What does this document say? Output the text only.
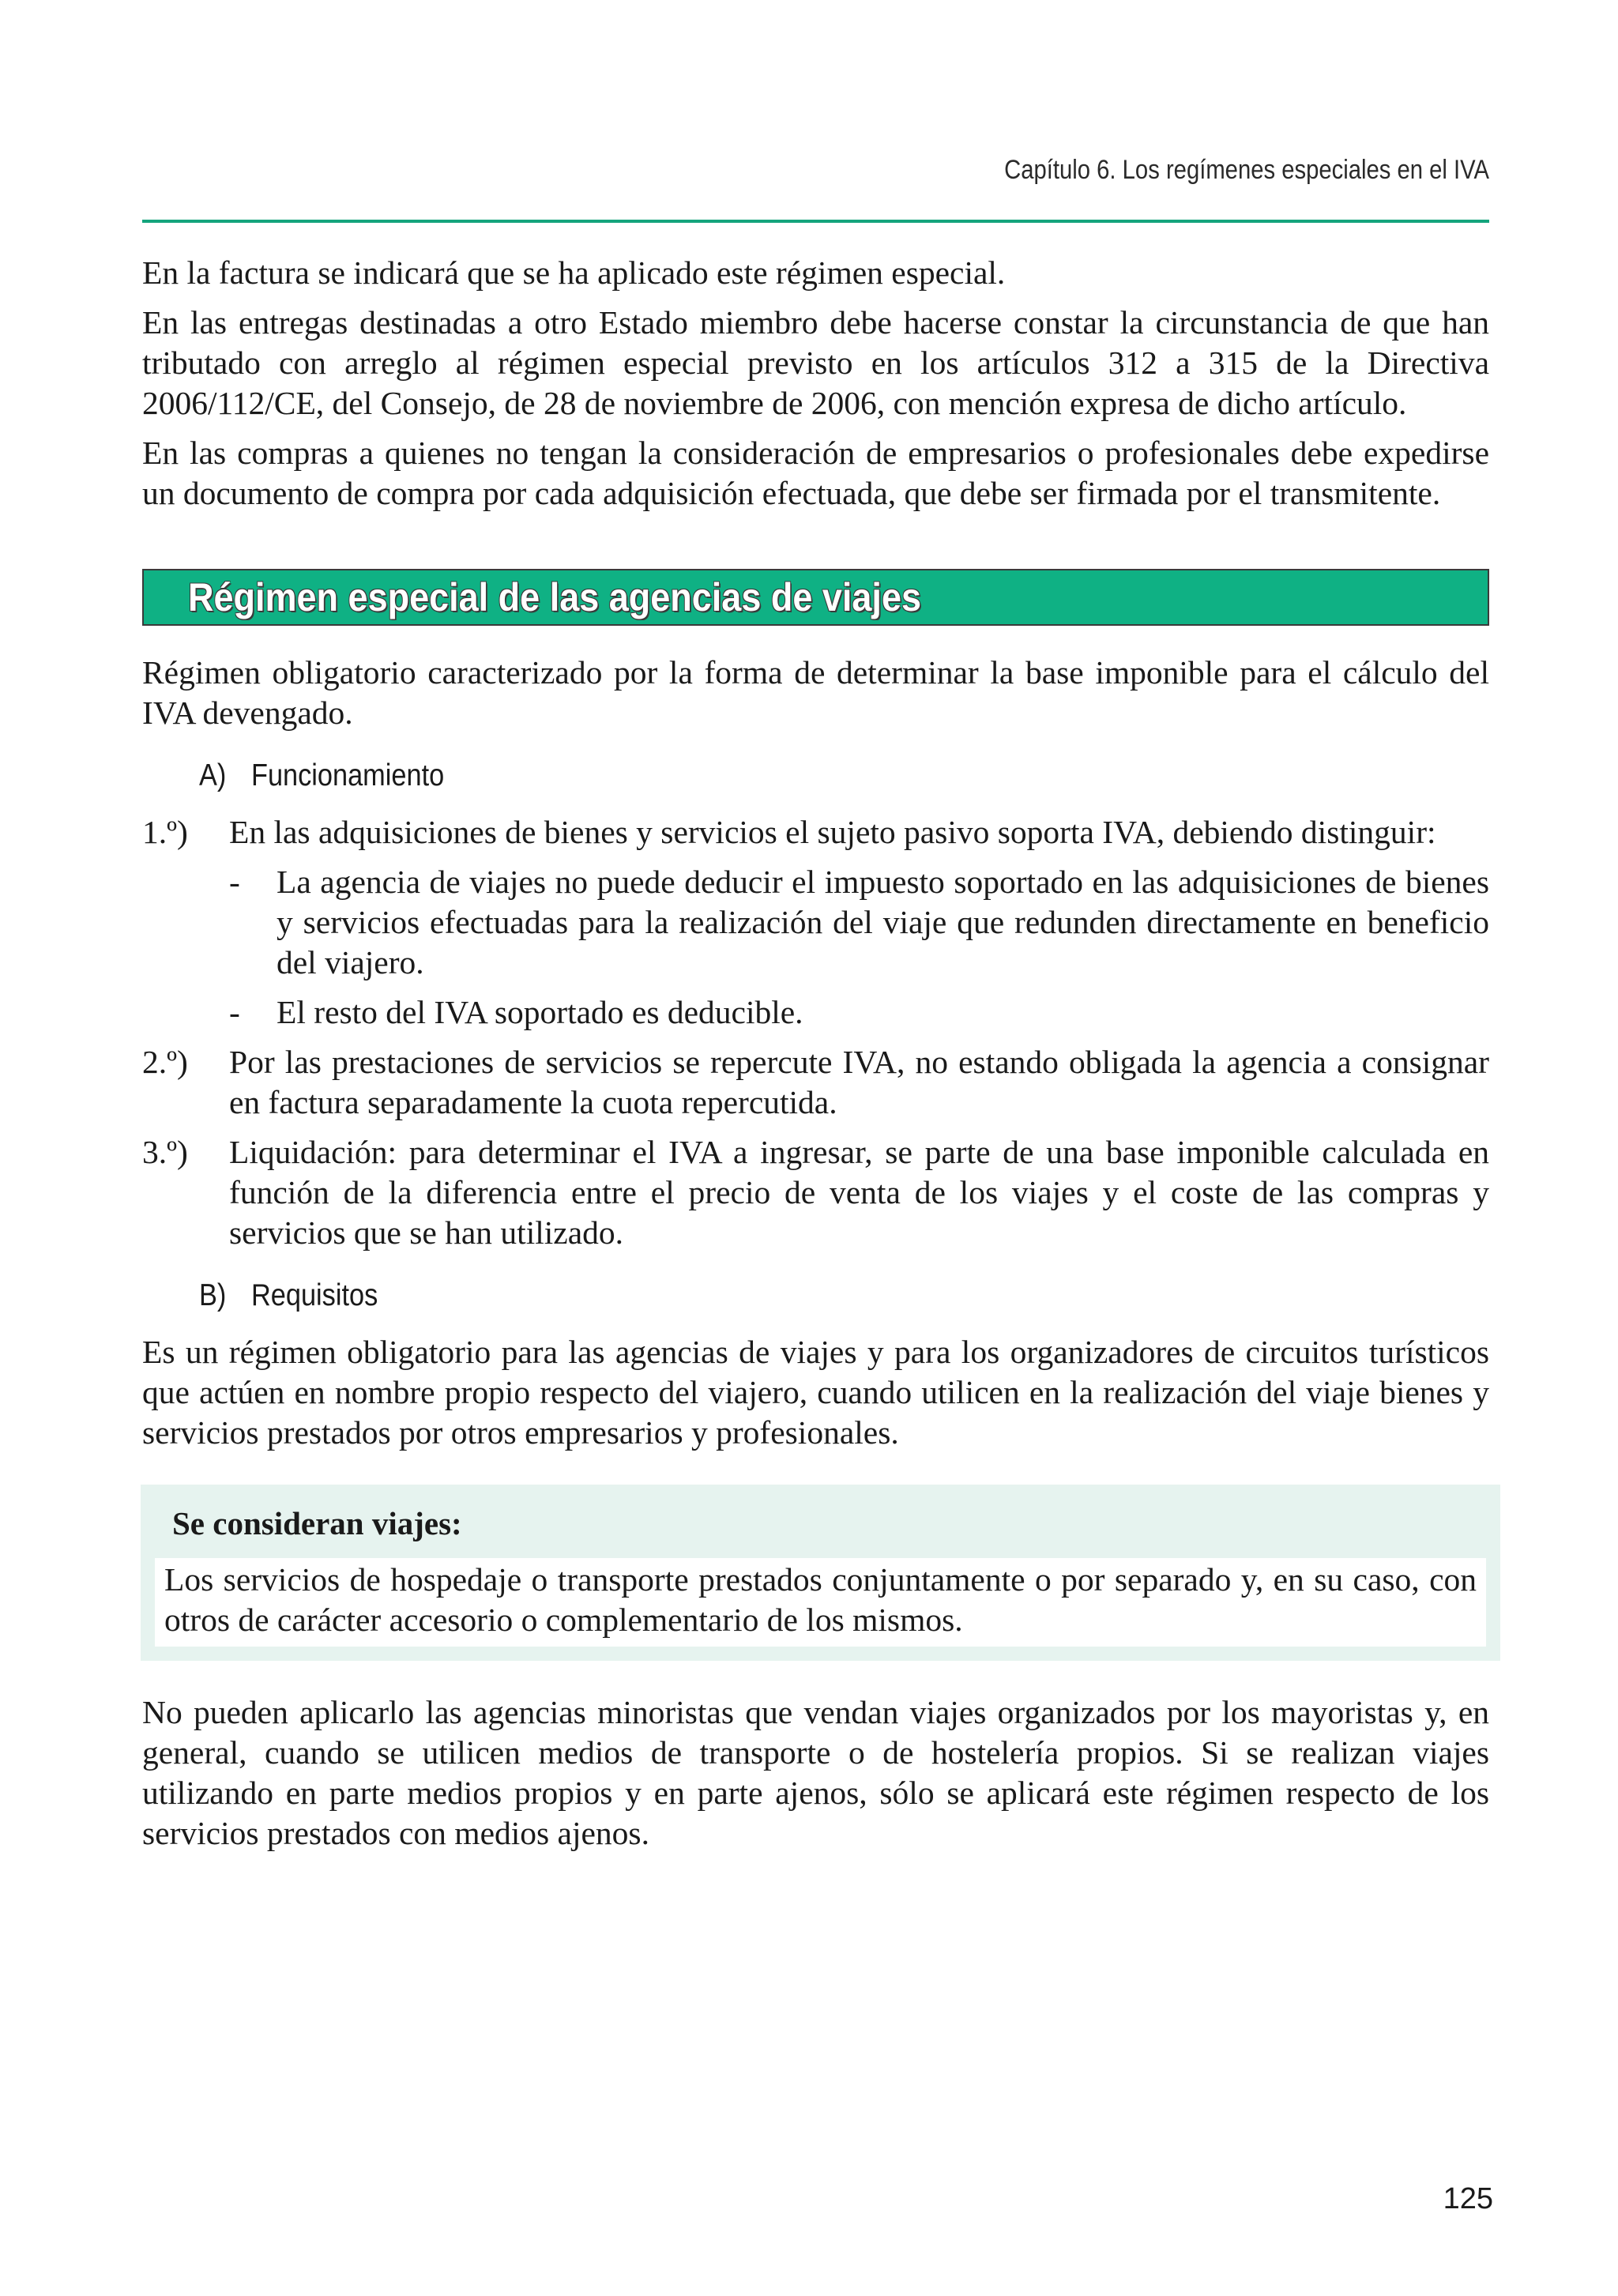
Capítulo 6. Los regímenes especiales en el IVA

En la factura se indicará que se ha aplicado este régimen especial.

En las entregas destinadas a otro Estado miembro debe hacerse constar la circunstancia de que han tributado con arreglo al régimen especial previsto en los artículos 312 a 315 de la Directiva 2006/112/CE, del Consejo, de 28 de noviembre de 2006, con mención expresa de dicho artículo.

En las compras a quienes no tengan la consideración de empresarios o profesionales debe expedirse un documento de compra por cada adquisición efectuada, que debe ser firmada por el transmitente.

Régimen especial de las agencias de viajes

Régimen obligatorio caracterizado por la forma de determinar la base imponible para el cálculo del IVA devengado.

A) Funcionamiento
1.º) En las adquisiciones de bienes y servicios el sujeto pasivo soporta IVA, debiendo distinguir:
- La agencia de viajes no puede deducir el impuesto soportado en las adquisiciones de bienes y servicios efectuadas para la realización del viaje que redunden directamente en beneficio del viajero.
- El resto del IVA soportado es deducible.
2.º) Por las prestaciones de servicios se repercute IVA, no estando obligada la agencia a consignar en factura separadamente la cuota repercutida.
3.º) Liquidación: para determinar el IVA a ingresar, se parte de una base imponible calculada en función de la diferencia entre el precio de venta de los viajes y el coste de las compras y servicios que se han utilizado.
B) Requisitos

Es un régimen obligatorio para las agencias de viajes y para los organizadores de circuitos turísticos que actúen en nombre propio respecto del viajero, cuando utilicen en la realización del viaje bienes y servicios prestados por otros empresarios y profesionales.

Se consideran viajes:
Los servicios de hospedaje o transporte prestados conjuntamente o por separado y, en su caso, con otros de carácter accesorio o complementario de los mismos.

No pueden aplicarlo las agencias minoristas que vendan viajes organizados por los mayoristas y, en general, cuando se utilicen medios de transporte o de hostelería propios. Si se realizan viajes utilizando en parte medios propios y en parte ajenos, sólo se aplicará este régimen respecto de los servicios prestados con medios ajenos.

125
